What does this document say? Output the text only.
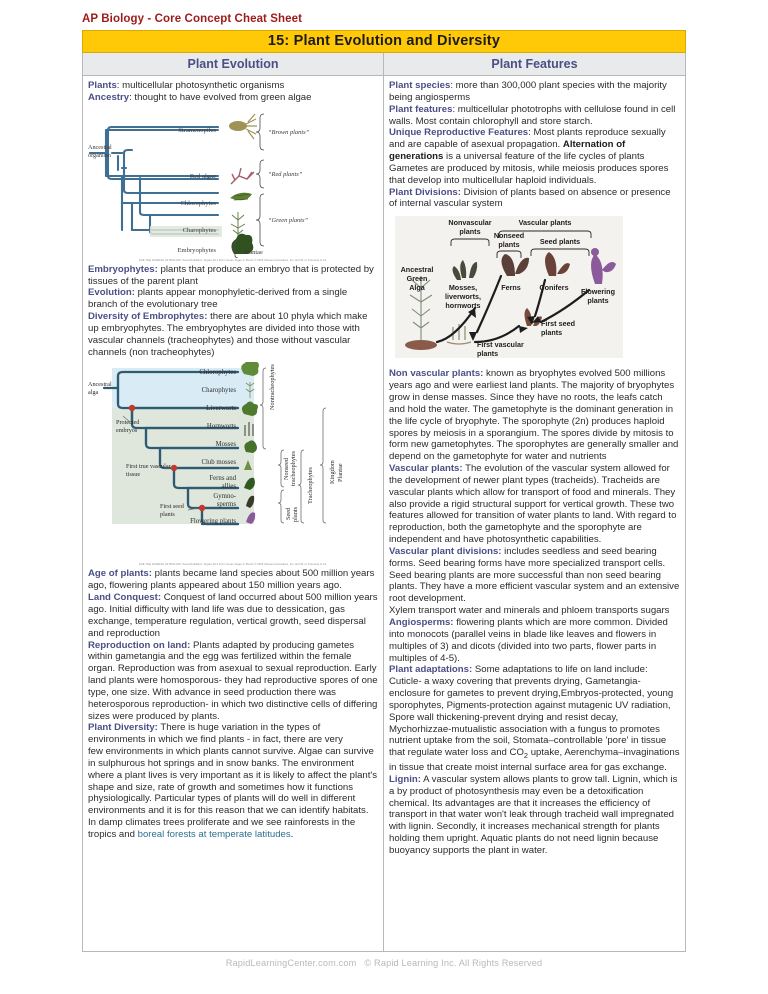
AP Biology - Core Concept Cheat Sheet
15: Plant Evolution and Diversity
Plant Evolution

Plants: multicellular photosynthetic organisms

Ancestry: thought to have evolved from green algae

Stramenopiles
Red algae
Chlorophytes
Charophytes
Embryophytes
Ancestral
organism
“Brown plants”
“Red plants”
“Green plants”
Plantae
LIFE THE SCIENCE OF BIOLOGY Seventh Edition, Figure 29.1 From Green Algae to Plants © 2004 Sinauer Associates, Inc. and W. H. Freeman & Co.

Embryophytes: plants that produce an embryo that is protected by tissues of the parent plant

Evolution: plants appear monophyletic-derived from a single branch of the evolutionary tree

Diversity of Embrophytes: there are about 10 phyla which make up embryophytes. The embryophytes are divided into those with vascular channels (tracheophytes) and those without vascular channels (non tracheophytes)

Chlorophytes
Charophytes
Liverworts
Hornworts
Mosses
Club mosses
Ferns and
allies
Gymno-
sperms
Flowering plants
Ancestral
alga
Protected
embryos
First true vascular
tissue
First seed
plants
Nontracheophytes
Nonseed tracheophytes
Seed plants
Tracheophytes Kingdom Plantae
LIFE THE SCIENCE OF BIOLOGY Seventh Edition, Figure 29.2 From Green Algae to Plants © 2004 Sinauer Associates, Inc. and W. H. Freeman & Co.

Age of plants: plants became land species about 500 million years ago, flowering plants appeared about 150 million years ago.

Land Conquest: Conquest of land occurred about 500 million years ago. Initial difficulty with land life was due to dessication, gas exchange, temperature regulation, vertical growth, seed dispersal and reproduction

Reproduction on land: Plants adapted by producing gametes within gametangia and the egg was fertilized within the female organ. Reproduction was from asexual to sexual reproduction. Early land plants were homosporous- they had reproductive spores of one type, one size. With advance in seed production there was heterosporous reproduction- in which two distinctive cells of differing sizes were produced by plants.

Plant Diversity: There is huge variation in the types of environments in which we find plants - in fact, there are very
few environments in which plants cannot survive. Algae can survive in sulphurous hot springs and in snow banks. The environment where a plant lives is very important as it is likely to affect the plant's shape and size, rate of growth and sometimes how it functions physiologically. Particular types of plants will do well in different environments and it is for this reason that we can identify habitats. In damp climates trees proliferate and we see rainforests in the tropics and boreal forests at temperate latitudes.

Plant Features

Plant species: more than 300,000 plant species with the majority being angiosperms

Plant features: multicellular phototrophs with cellulose found in cell walls. Most contain chlorophyll and store starch.

Unique Reproductive Features: Most plants reproduce sexually and are capable of asexual propagation. Alternation of generations is a universal feature of the life cycles of plants

Gametes are produced by mitosis, while meiosis produces spores that develop into multicellular haploid individuals.

Plant Divisions: Division of plants based on absence or presence of internal vascular system

Nonvascular
plants
Vascular plants
Nonseed
plants	Seed plants
Ancestral
Green
Alga	Mosses,
liverworts,
hornworts
Ferns	Conifers Flowering
plants
First seed
plants
First vascular
plants

Non vascular plants: known as bryophytes evolved 500 millions years ago and were earliest land plants. The majority of bryophytes grow in dense masses. Since they have no roots, the leafs catch and hold the water. The gametophyte is the dominant generation in the life cycle of bryophyte. The sporophyte (2n) produces haploid spores by meiosis in a sporangium. The spores divide by mitosis to form new gametophytes. The sporophytes are generally smaller and depend on the gametophyte for water and nutrients

Vascular plants: The evolution of the vascular system allowed for the development of newer plant types (tracheids). Tracheids are vascular plants which allow for transport of food and minerals. They also provide a rigid structural support for vertical growth. These two features allowed for transition of water plants to land. With regard to reproduction, both the gametophyte and the sporophyte are independent and have photosynthetic capabilities.

Vascular plant divisions: includes seedless and seed bearing forms. Seed bearing forms have more specialized transport cells. Seed bearing plants are more successful than non seed bearing plants. They have a more efficient vascular system and an extensive root development.

Xylem transport water and minerals and phloem transports sugars

Angiosperms: flowering plants which are more common. Divided into monocots (parallel veins in blade like leaves and flowers in multiples of 3) and dicots (divided into two parts, flower parts in multiples of 4-5).

Plant adaptations: Some adaptations to life on land include: Cuticle- a waxy covering that prevents drying, Gametangia-enclosure for gametes to prevent drying,Embryos-protected, young sporophytes, Pigments-protection against mutagenic UV radiation, Spore wall thickening-prevent drying and resist decay, Mychorhizzae-mutualistic association with a fungus to promotes nutrient uptake from the soil, Stomata–controllable 'pore' in tissue that regulate water loss and $CO_2$ uptake, Aerenchyma–invaginations in tissue that create moist internal surface area for gas exchange.

Lignin: A vascular system allows plants to grow tall. Lignin, which is a by product of photosynthesis may even be a detoxification chemical. Its advantages are that it increases the efficiency of transport in that water won't leak through tracheid wall impregnated with lignin. Secondly, it increases mechanical strength for plants holding them upright. Aquatic plants do not need lignin because buoyancy supports the plant in water.

RapidLearningCenter.com.com © Rapid Learning Inc. All Rights Reserved
